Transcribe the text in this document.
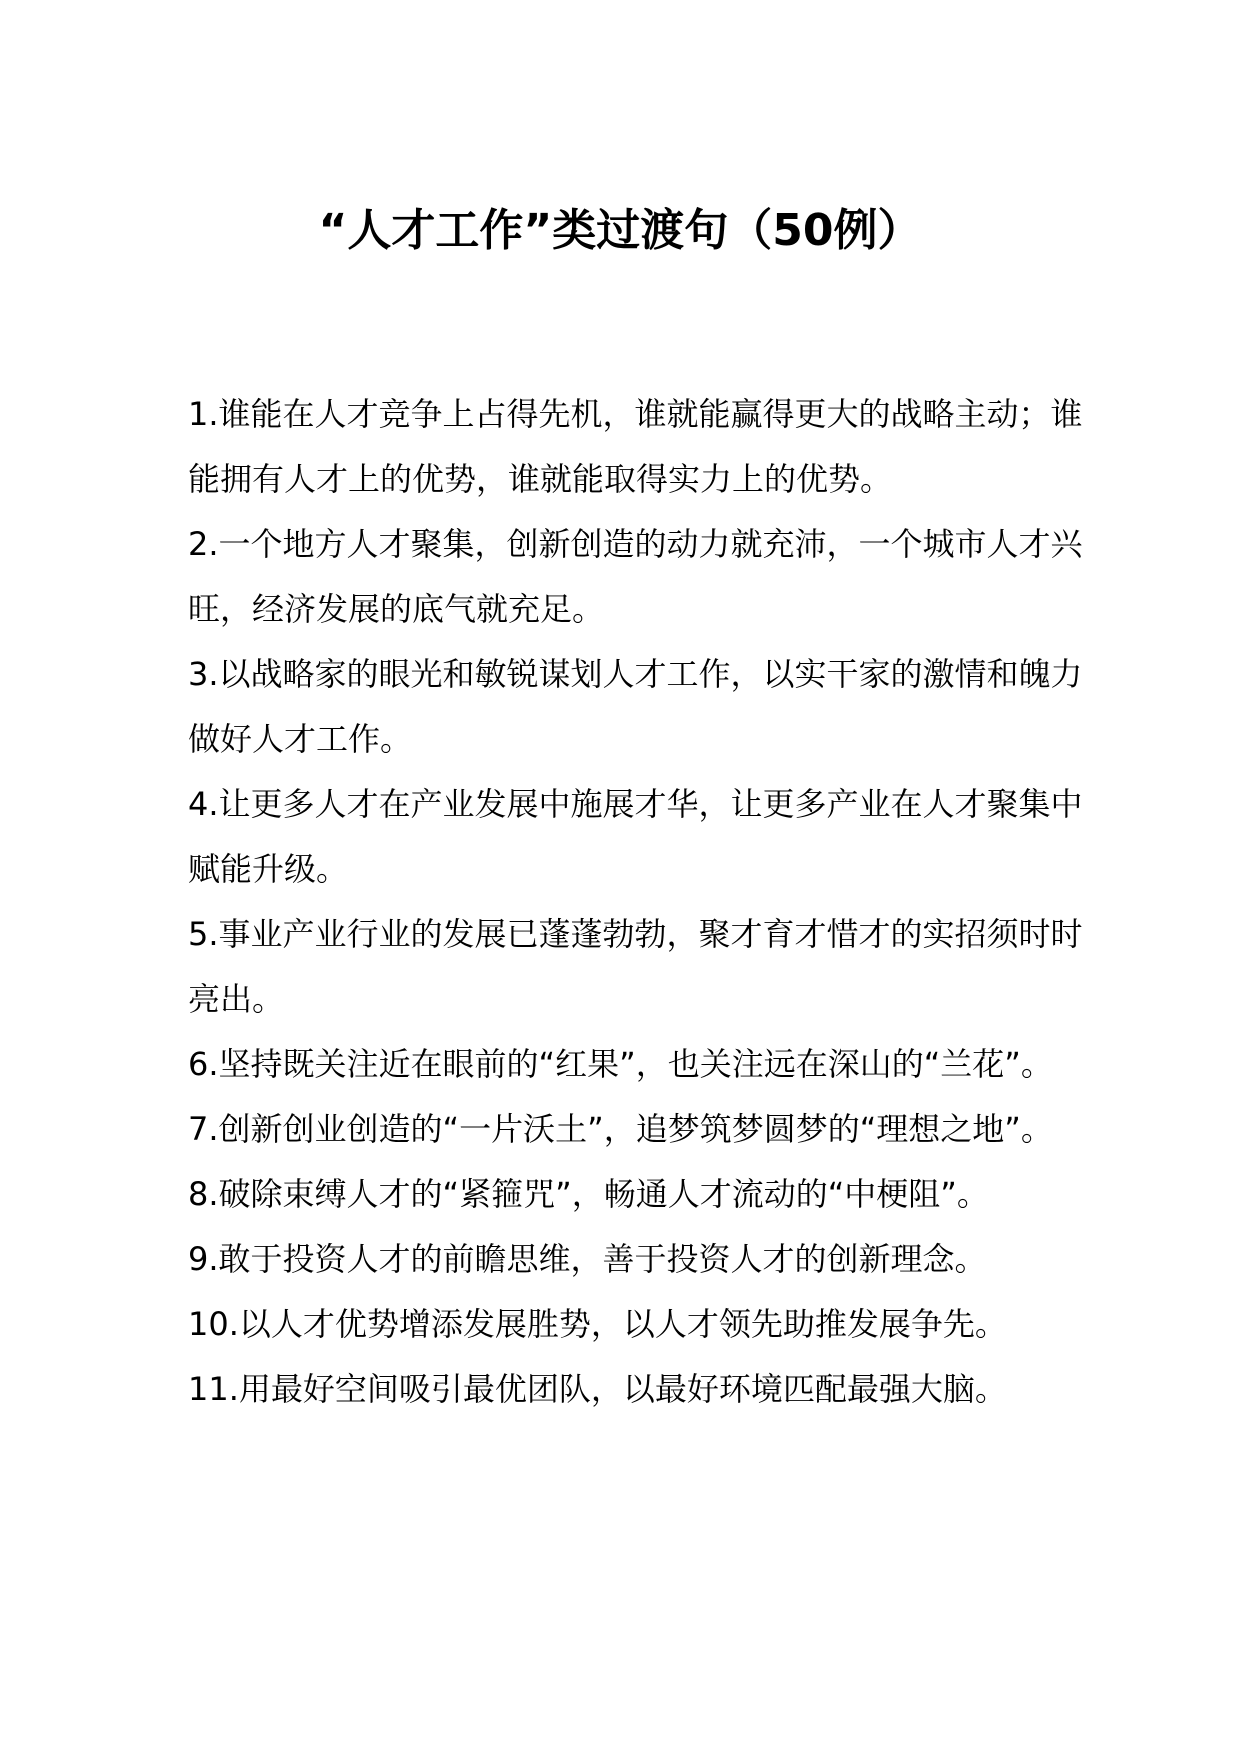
“人才工作”类过渡句（50例）
1.谁能在人才竞争上占得先机，谁就能赢得更大的战略主动；谁能拥有人才上的优势，谁就能取得实力上的优势。
2.一个地方人才聚集，创新创造的动力就充沛，一个城市人才兴旺，经济发展的底气就充足。
3.以战略家的眼光和敏锐谋划人才工作，以实干家的激情和魄力做好人才工作。
4.让更多人才在产业发展中施展才华，让更多产业在人才聚集中赋能升级。
5.事业产业行业的发展已蓬蓬勃勃，聚才育才惜才的实招须时时亮出。
6.坚持既关注近在眼前的“红果”，也关注远在深山的“兰花”。
7.创新创业创造的“一片沃土”，追梦筑梦圆梦的“理想之地”。
8.破除束缚人才的“紧箍咒”，畅通人才流动的“中梗阻”。
9.敢于投资人才的前瞻思维，善于投资人才的创新理念。
10.以人才优势增添发展胜势，以人才领先助推发展争先。
11.用最好空间吸引最优团队，以最好环境匹配最强大脑。
